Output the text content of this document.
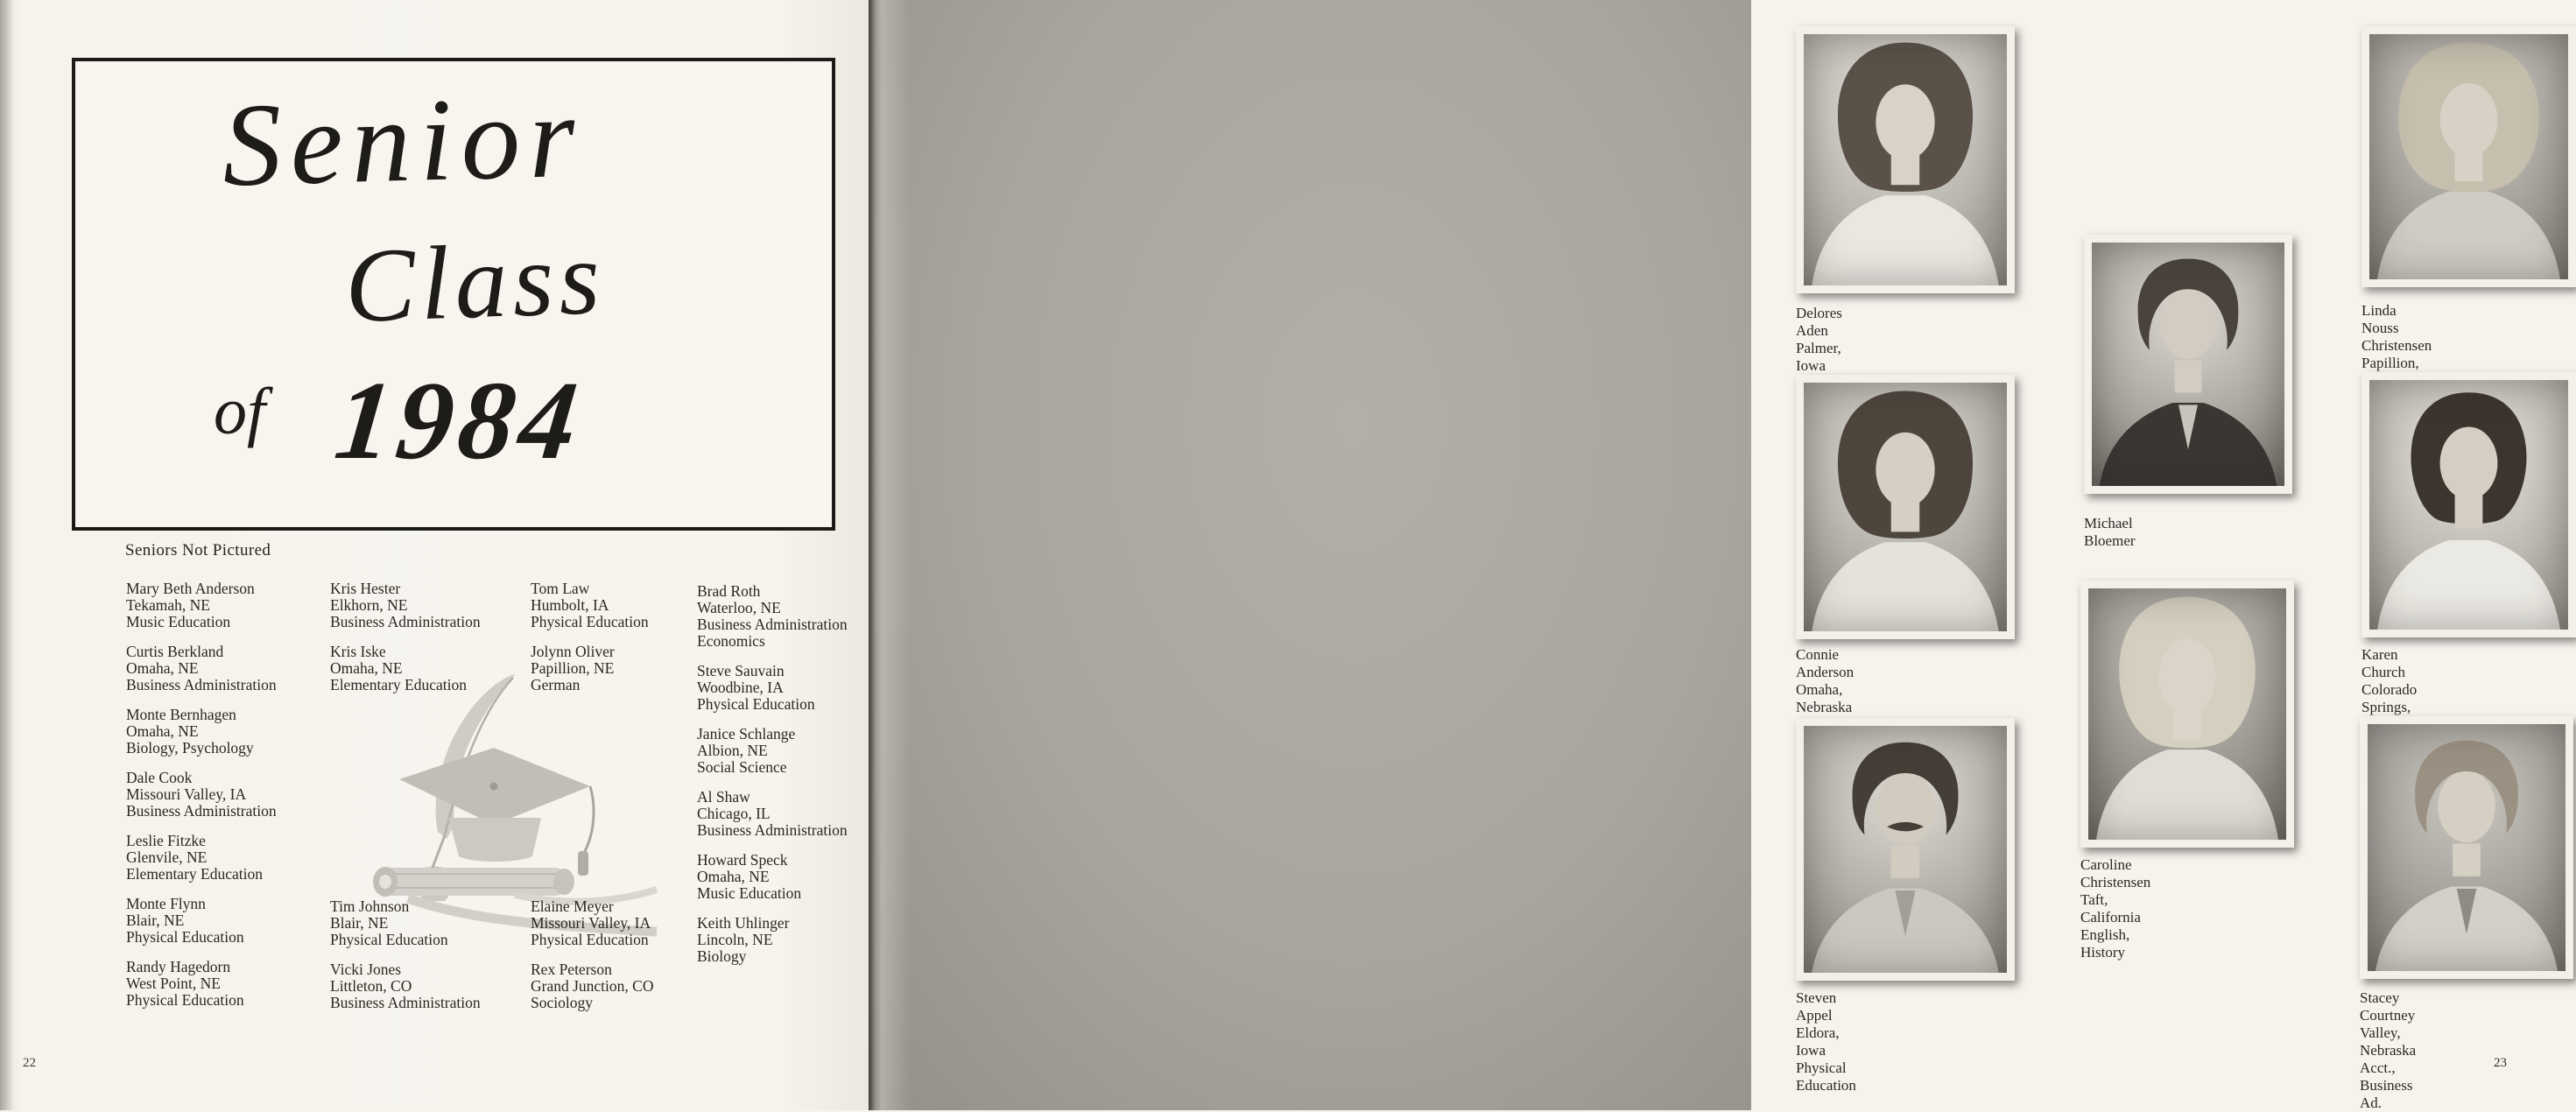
Senior
Class
of 1984
Seniors Not Pictured
Mary Beth Anderson
Tekamah, NE
Music Education
Curtis Berkland
Omaha, NE
Business Administration
Monte Bernhagen
Omaha, NE
Biology, Psychology
Dale Cook
Missouri Valley, IA
Business Administration
Leslie Fitzke
Glenvile, NE
Elementary Education
Monte Flynn
Blair, NE
Physical Education
Randy Hagedorn
West Point, NE
Physical Education
Kris Hester
Elkhorn, NE
Business Administration
Kris Iske
Omaha, NE
Elementary Education
Tim Johnson
Blair, NE
Physical Education
Vicki Jones
Littleton, CO
Business Administration
Tom Law
Humbolt, IA
Physical Education
Jolynn Oliver
Papillion, NE
German
Elaine Meyer
Missouri Valley, IA
Physical Education
Rex Peterson
Grand Junction, CO
Sociology
Brad Roth
Waterloo, NE
Business Administration
Economics
Steve Sauvain
Woodbine, IA
Physical Education
Janice Schlange
Albion, NE
Social Science
Al Shaw
Chicago, IL
Business Administration
Howard Speck
Omaha, NE
Music Education
Keith Uhlinger
Lincoln, NE
Biology
22
Delores Aden
Palmer, Iowa
Michael Bloemer
Linda Nouss Christensen
Papillion,
Connie Anderson
Omaha, Nebraska
Caroline Christensen
Taft, California
English, History
Karen Church
Colorado Springs,
Steven Appel
Eldora, Iowa
Physical Education
Stacey Courtney
Valley, Nebraska
Acct., Business Ad.
23
